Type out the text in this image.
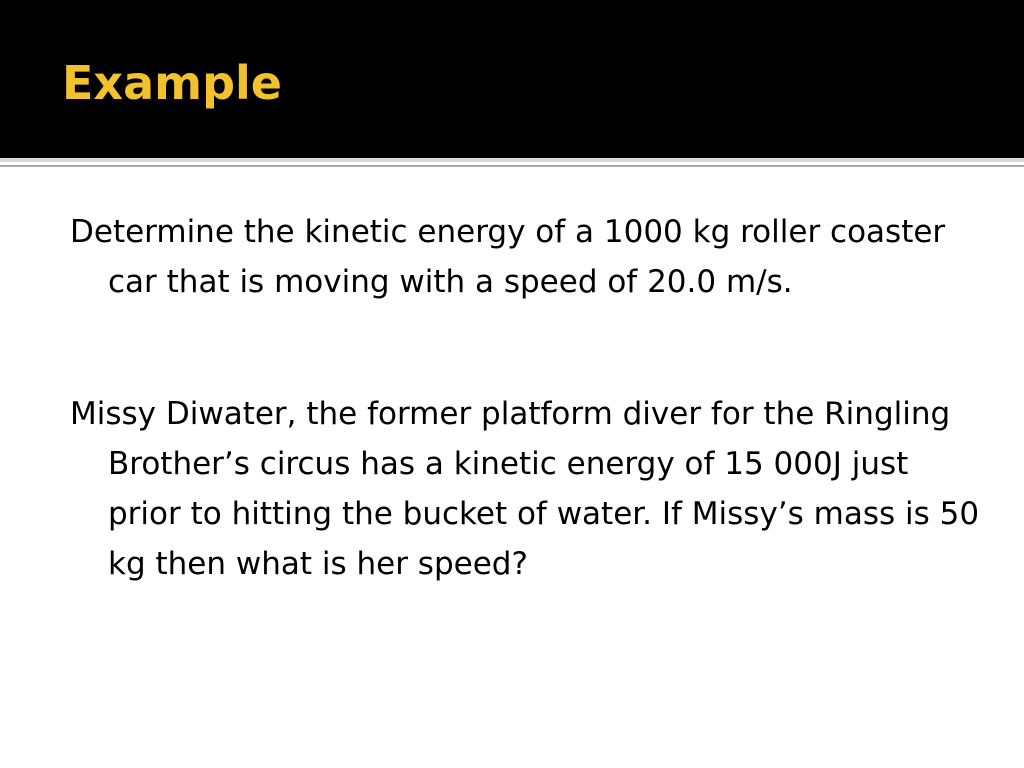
Example

Determine the kinetic energy of a 1000 kg roller coaster car that is moving with a speed of 20.0 m/s.

Missy Diwater, the former platform diver for the Ringling Brother’s circus has a kinetic energy of 15 000J just prior to hitting the bucket of water. If Missy’s mass is 50 kg then what is her speed?
